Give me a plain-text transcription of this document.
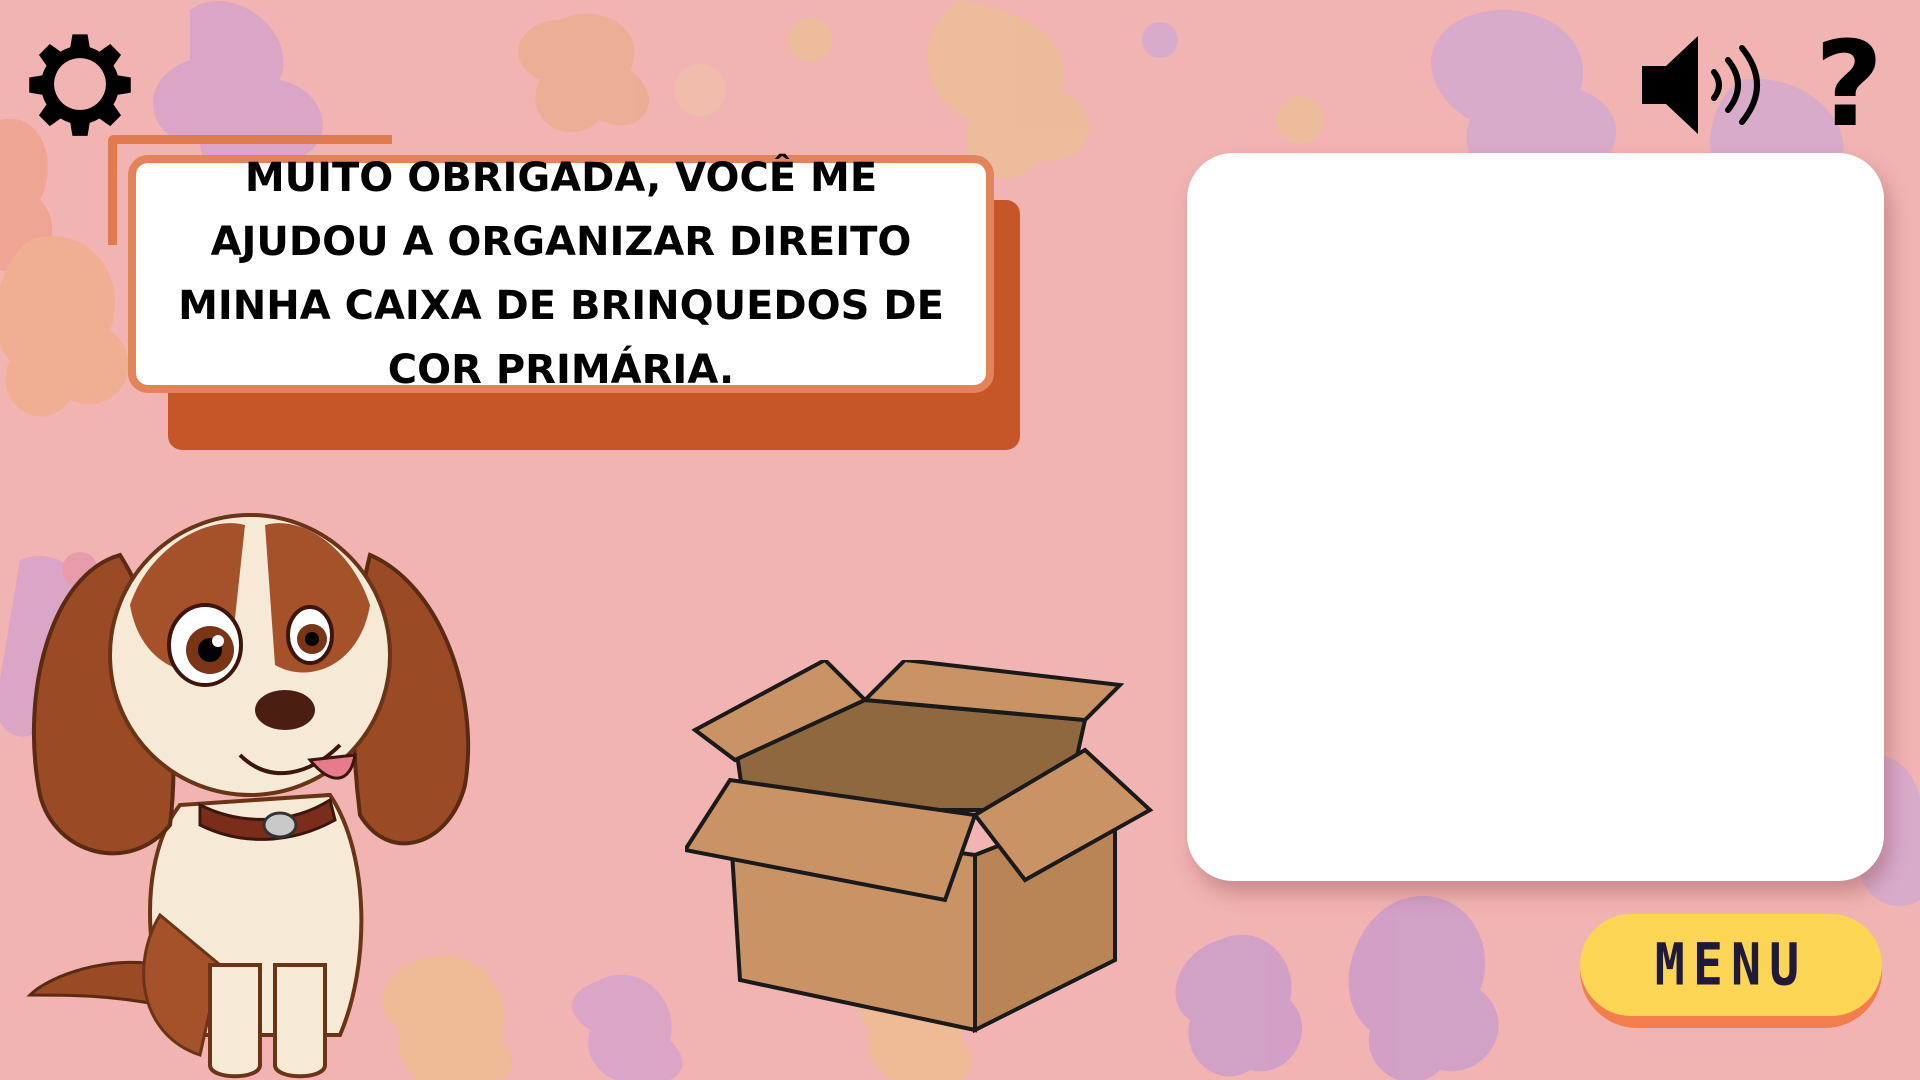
?
MUITO OBRIGADA, VOCÊ ME AJUDOU A ORGANIZAR DIREITO MINHA CAIXA DE BRINQUEDOS DE COR PRIMÁRIA.
MENU
